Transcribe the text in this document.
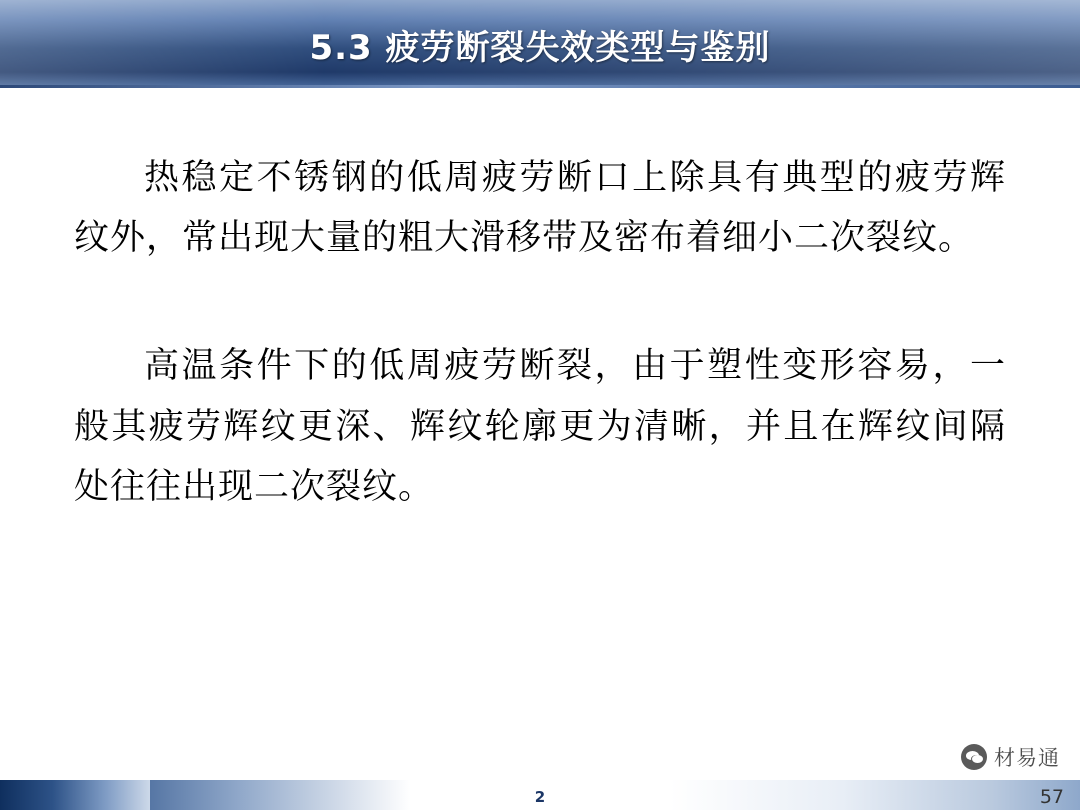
5.3 疲劳断裂失效类型与鉴别

热稳定不锈钢的低周疲劳断口上除具有典型的疲劳辉纹外，常出现大量的粗大滑移带及密布着细小二次裂纹。

高温条件下的低周疲劳断裂，由于塑性变形容易，一般其疲劳辉纹更深、辉纹轮廓更为清晰，并且在辉纹间隔处往往出现二次裂纹。

材易通
2	57
